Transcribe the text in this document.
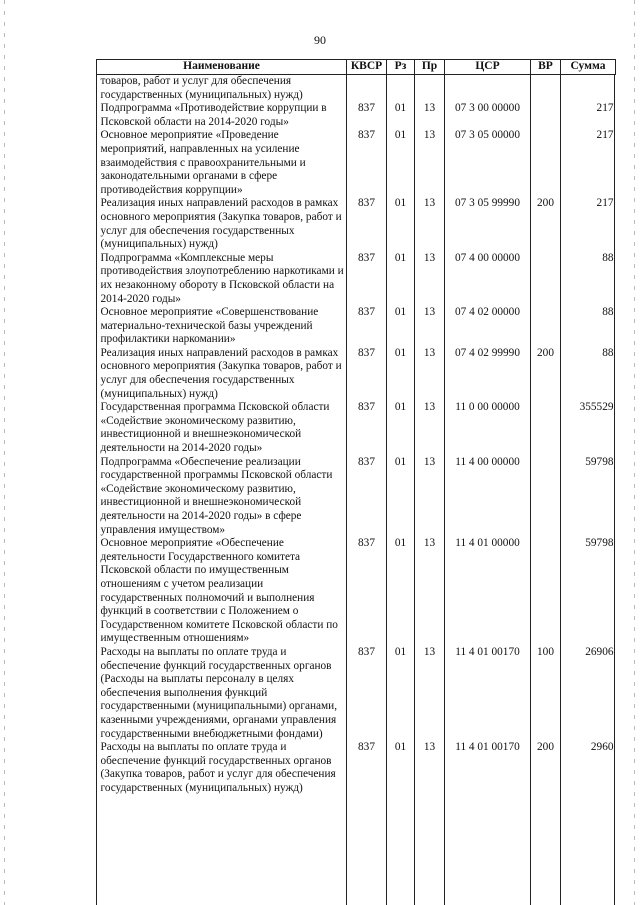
90
Наименование	КВСР	Рз	Пр	ЦСР	ВР	Сумма
товаров, работ и услуг для обеспечения государственных (муниципальных) нужд)						
Подпрограмма «Противодействие коррупции в Псковской области на 2014-2020 годы»	837	01	13	07 3 00 00000		217
Основное мероприятие «Проведение мероприятий, направленных на усиление взаимодействия с правоохранительными и законодательными органами в сфере противодействия коррупции»	837	01	13	07 3 05 00000		217
Реализация иных направлений расходов в рамках основного мероприятия (Закупка товаров, работ и услуг для обеспечения государственных (муниципальных) нужд)	837	01	13	07 3 05 99990	200	217
Подпрограмма «Комплексные меры противодействия злоупотреблению наркотиками и их незаконному обороту в Псковской области на 2014-2020 годы»	837	01	13	07 4 00 00000		88
Основное мероприятие «Совершенствование материально-технической базы учреждений профилактики наркомании»	837	01	13	07 4 02 00000		88
Реализация иных направлений расходов в рамках основного мероприятия (Закупка товаров, работ и услуг для обеспечения государственных (муниципальных) нужд)	837	01	13	07 4 02 99990	200	88
Государственная программа Псковской области «Содействие экономическому развитию, инвестиционной и внешнеэкономической деятельности на 2014-2020 годы»	837	01	13	11 0 00 00000		355529
Подпрограмма «Обеспечение реализации государственной программы Псковской области «Содействие экономическому развитию, инвестиционной и внешнеэкономической деятельности на 2014-2020 годы» в сфере управления имуществом»	837	01	13	11 4 00 00000		59798
Основное мероприятие «Обеспечение деятельности Государственного комитета Псковской области по имущественным отношениям с учетом реализации государственных полномочий и выполнения функций в соответствии с Положением о Государственном комитете Псковской области по имущественным отношениям»	837	01	13	11 4 01 00000		59798
Расходы на выплаты по оплате труда и обеспечение функций государственных органов (Расходы на выплаты персоналу в целях обеспечения выполнения функций государственными (муниципальными) органами, казенными учреждениями, органами управления государственными внебюджетными фондами)	837	01	13	11 4 01 00170	100	26906
Расходы на выплаты по оплате труда и обеспечение функций государственных органов (Закупка товаров, работ и услуг для обеспечения государственных (муниципальных) нужд)	837	01	13	11 4 01 00170	200	2960
